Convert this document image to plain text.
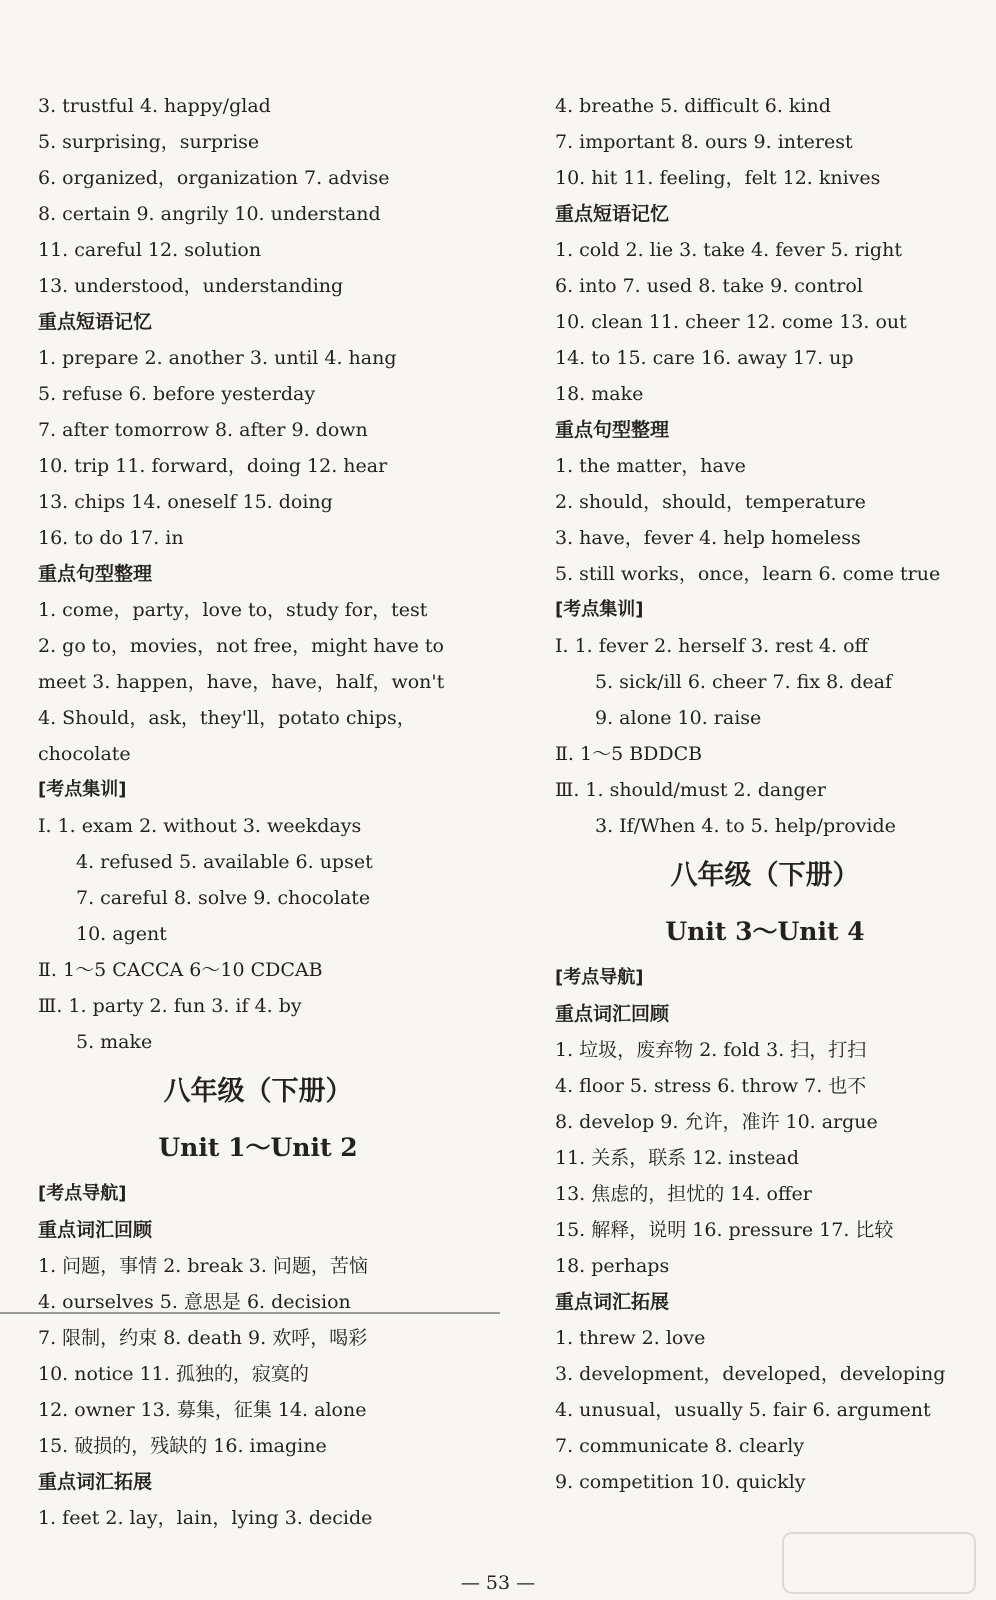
3. trustful 4. happy/glad
5. surprising，surprise
6. organized，organization 7. advise
8. certain 9. angrily 10. understand
11. careful 12. solution
13. understood，understanding
重点短语记忆
1. prepare 2. another 3. until 4. hang
5. refuse 6. before yesterday
7. after tomorrow 8. after 9. down
10. trip 11. forward，doing 12. hear
13. chips 14. oneself 15. doing
16. to do 17. in
重点句型整理
1. come，party，love to，study for，test
2. go to，movies，not free，might have to
meet 3. happen，have，have，half，won't
4. Should，ask，they'll，potato chips，
chocolate
[考点集训]
Ⅰ. 1. exam 2. without 3. weekdays
4. refused 5. available 6. upset
7. careful 8. solve 9. chocolate
10. agent
Ⅱ. 1～5 CACCA 6～10 CDCAB
Ⅲ. 1. party 2. fun 3. if 4. by
5. make
八年级（下册）
Unit 1～Unit 2
[考点导航]
重点词汇回顾
1. 问题，事情 2. break 3. 问题，苦恼
4. ourselves 5. 意思是 6. decision
7. 限制，约束 8. death 9. 欢呼，喝彩
10. notice 11. 孤独的，寂寞的
12. owner 13. 募集，征集 14. alone
15. 破损的，残缺的 16. imagine
重点词汇拓展
1. feet 2. lay，lain，lying 3. decide
4. breathe 5. difficult 6. kind
7. important 8. ours 9. interest
10. hit 11. feeling，felt 12. knives
重点短语记忆
1. cold 2. lie 3. take 4. fever 5. right
6. into 7. used 8. take 9. control
10. clean 11. cheer 12. come 13. out
14. to 15. care 16. away 17. up
18. make
重点句型整理
1. the matter，have
2. should，should，temperature
3. have，fever 4. help homeless
5. still works，once，learn 6. come true
[考点集训]
Ⅰ. 1. fever 2. herself 3. rest 4. off
5. sick/ill 6. cheer 7. fix 8. deaf
9. alone 10. raise
Ⅱ. 1～5 BDDCB
Ⅲ. 1. should/must 2. danger
3. If/When 4. to 5. help/provide
八年级（下册）
Unit 3～Unit 4
[考点导航]
重点词汇回顾
1. 垃圾，废弃物 2. fold 3. 扫，打扫
4. floor 5. stress 6. throw 7. 也不
8. develop 9. 允许，准许 10. argue
11. 关系，联系 12. instead
13. 焦虑的，担忧的 14. offer
15. 解释，说明 16. pressure 17. 比较
18. perhaps
重点词汇拓展
1. threw 2. love
3. development，developed，developing
4. unusual，usually 5. fair 6. argument
7. communicate 8. clearly
9. competition 10. quickly
— 53 —
